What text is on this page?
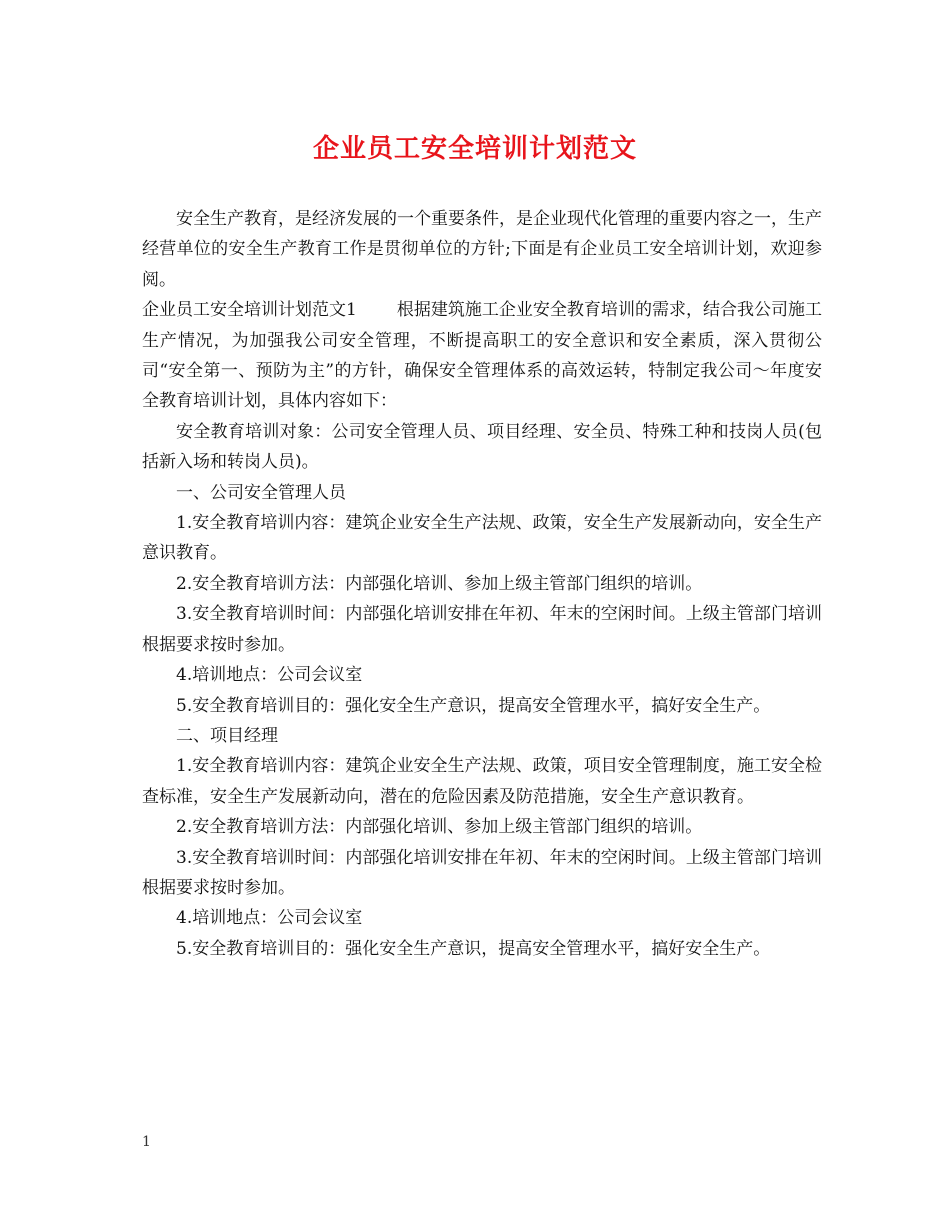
企业员工安全培训计划范文

安全生产教育，是经济发展的一个重要条件，是企业现代化管理的重要内容之一，生产经营单位的安全生产教育工作是贯彻单位的方针;下面是有企业员工安全培训计划，欢迎参阅。

企业员工安全培训计划范文1 根据建筑施工企业安全教育培训的需求，结合我公司施工生产情况，为加强我公司安全管理，不断提高职工的安全意识和安全素质，深入贯彻公司“安全第一、预防为主”的方针，确保安全管理体系的高效运转，特制定我公司～年度安全教育培训计划，具体内容如下：

安全教育培训对象：公司安全管理人员、项目经理、安全员、特殊工种和技岗人员(包括新入场和转岗人员)。

一、公司安全管理人员

1.安全教育培训内容：建筑企业安全生产法规、政策，安全生产发展新动向，安全生产意识教育。

2.安全教育培训方法：内部强化培训、参加上级主管部门组织的培训。

3.安全教育培训时间：内部强化培训安排在年初、年末的空闲时间。上级主管部门培训根据要求按时参加。

4.培训地点：公司会议室

5.安全教育培训目的：强化安全生产意识，提高安全管理水平，搞好安全生产。

二、项目经理

1.安全教育培训内容：建筑企业安全生产法规、政策，项目安全管理制度，施工安全检查标准，安全生产发展新动向，潜在的危险因素及防范措施，安全生产意识教育。

2.安全教育培训方法：内部强化培训、参加上级主管部门组织的培训。

3.安全教育培训时间：内部强化培训安排在年初、年末的空闲时间。上级主管部门培训根据要求按时参加。

4.培训地点：公司会议室

5.安全教育培训目的：强化安全生产意识，提高安全管理水平，搞好安全生产。

1
